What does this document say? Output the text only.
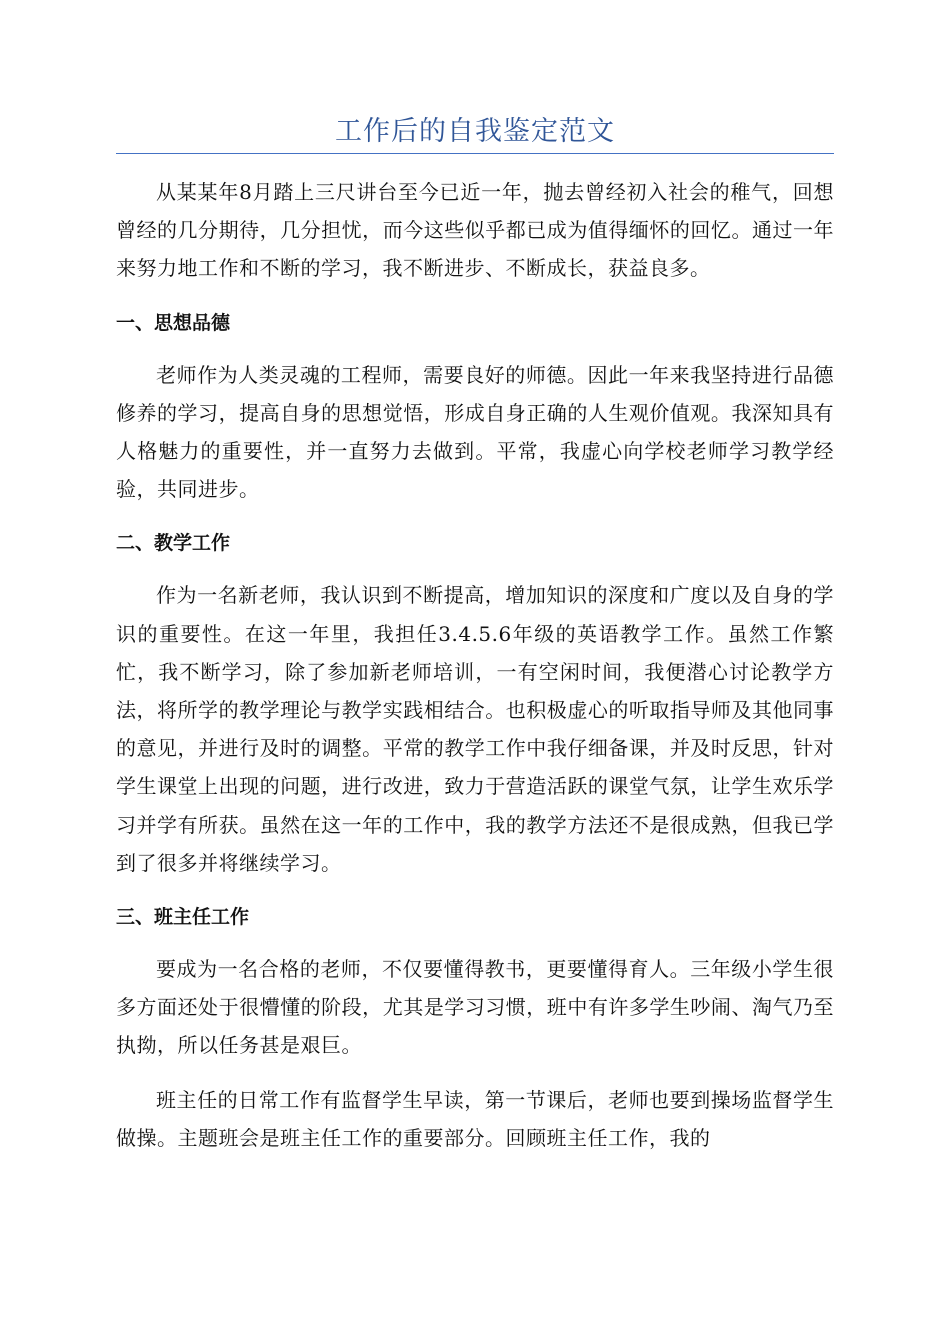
工作后的自我鉴定范文

从某某年8月踏上三尺讲台至今已近一年，抛去曾经初入社会的稚气，回想曾经的几分期待，几分担忧，而今这些似乎都已成为值得缅怀的回忆。通过一年来努力地工作和不断的学习，我不断进步、不断成长，获益良多。

一、思想品德

老师作为人类灵魂的工程师，需要良好的师德。因此一年来我坚持进行品德修养的学习，提高自身的思想觉悟，形成自身正确的人生观价值观。我深知具有人格魅力的重要性，并一直努力去做到。平常，我虚心向学校老师学习教学经验，共同进步。

二、教学工作

作为一名新老师，我认识到不断提高，增加知识的深度和广度以及自身的学识的重要性。在这一年里，我担任3.4.5.6年级的英语教学工作。虽然工作繁忙，我不断学习，除了参加新老师培训，一有空闲时间，我便潜心讨论教学方法，将所学的教学理论与教学实践相结合。也积极虚心的听取指导师及其他同事的意见，并进行及时的调整。平常的教学工作中我仔细备课，并及时反思，针对学生课堂上出现的问题，进行改进，致力于营造活跃的课堂气氛，让学生欢乐学习并学有所获。虽然在这一年的工作中，我的教学方法还不是很成熟，但我已学到了很多并将继续学习。

三、班主任工作

要成为一名合格的老师，不仅要懂得教书，更要懂得育人。三年级小学生很多方面还处于很懵懂的阶段，尤其是学习习惯，班中有许多学生吵闹、淘气乃至执拗，所以任务甚是艰巨。

班主任的日常工作有监督学生早读，第一节课后，老师也要到操场监督学生做操。主题班会是班主任工作的重要部分。回顾班主任工作，我的
